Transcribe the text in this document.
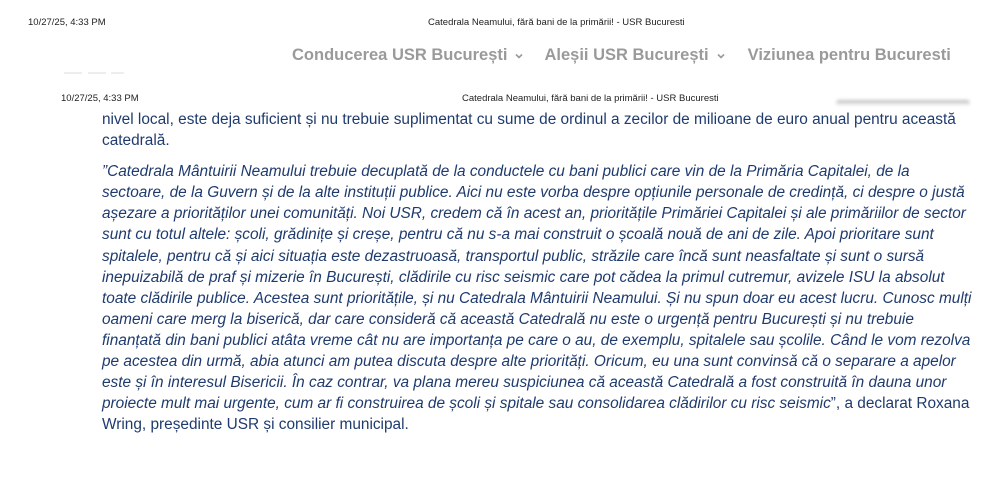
10/27/25, 4:33 PM	Catedrala Neamului, fără bani de la primării! - USR Bucuresti
Conducerea USR București Aleșii USR București Viziunea pentru Bucuresti
10/27/25, 4:33 PM	Catedrala Neamului, fără bani de la primării! - USR Bucuresti

nivel local, este deja suficient și nu trebuie suplimentat cu sume de ordinul a zecilor de milioane de euro anual pentru această catedrală.

”Catedrala Mântuirii Neamului trebuie decuplată de la conductele cu bani publici care vin de la Primăria Capitalei, de la sectoare, de la Guvern și de la alte instituții publice. Aici nu este vorba despre opțiunile personale de credință, ci despre o justă așezare a priorităților unei comunități. Noi USR, credem că în acest an, prioritățile Primăriei Capitalei și ale primăriilor de sector sunt cu totul altele: școli, grădinițe și creșe, pentru că nu s-a mai construit o școală nouă de ani de zile. Apoi prioritare sunt spitalele, pentru că și aici situația este dezastruoasă, transportul public, străzile care încă sunt neasfaltate și sunt o sursă inepuizabilă de praf și mizerie în București, clădirile cu risc seismic care pot cădea la primul cutremur, avizele ISU la absolut toate clădirile publice. Acestea sunt prioritățile, și nu Catedrala Mântuirii Neamului. Și nu spun doar eu acest lucru. Cunosc mulți oameni care merg la biserică, dar care consideră că această Catedrală nu este o urgență pentru București și nu trebuie finanțată din bani publici atâta vreme cât nu are importanța pe care o au, de exemplu, spitalele sau școlile. Când le vom rezolva pe acestea din urmă, abia atunci am putea discuta despre alte priorități. Oricum, eu una sunt convinsă că o separare a apelor este și în interesul Bisericii. În caz contrar, va plana mereu suspiciunea că această Catedrală a fost construită în dauna unor proiecte mult mai urgente, cum ar fi construirea de școli și spitale sau consolidarea clădirilor cu risc seismic”, a declarat Roxana Wring, președinte USR și consilier municipal.
